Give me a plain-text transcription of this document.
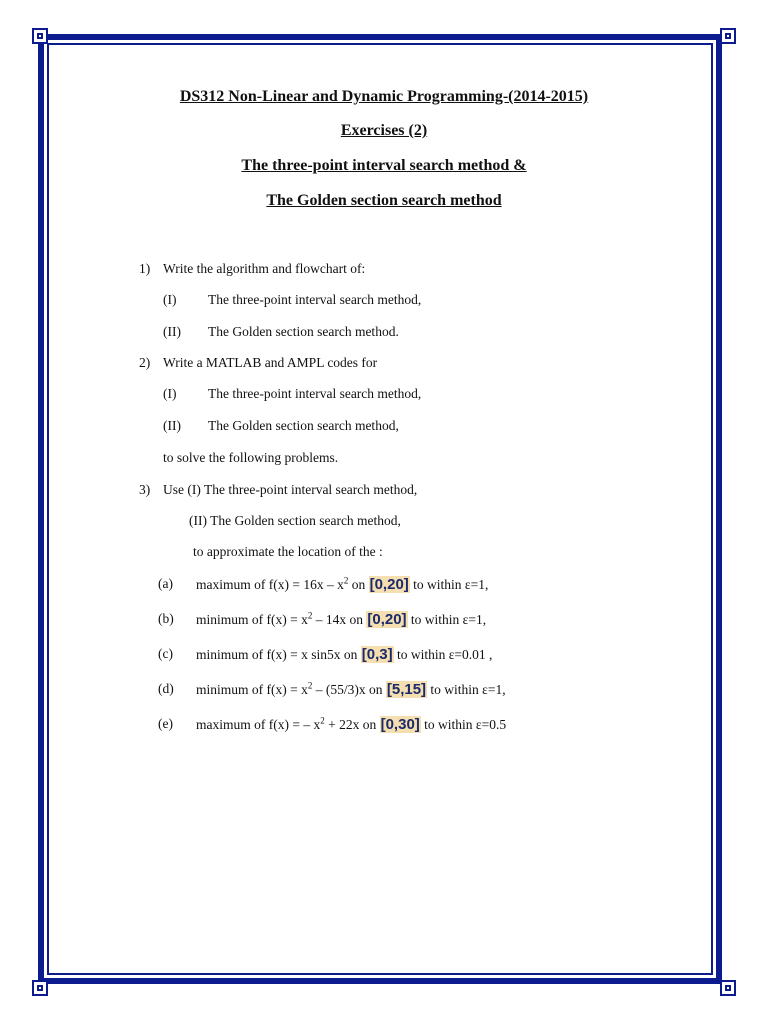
DS312 Non-Linear and Dynamic Programming-(2014-2015)
Exercises (2)
The three-point interval search method &
The Golden section search method
1) Write the algorithm and flowchart of:
(I) The three-point interval search method,
(II) The Golden section search method.
2) Write a MATLAB and AMPL codes for
(I) The three-point interval search method,
(II) The Golden section search method,
to solve the following problems.
3) Use (I) The three-point interval search method,
(II) The Golden section search method,
to approximate the location of the :
(a) maximum of $f(x) = 16x - x^2$ on [0,20] to within ε=1,
(b) minimum of $f(x) = x^2 - 14x$ on [0,20] to within ε=1,
(c) minimum of f(x) = x sin5x on [0,3] to within ε=0.01 ,
(d) minimum of $f(x) = x^2 - (55/3)x$ on [5,15] to within ε=1,
(e) maximum of f(x) = – $x^2 + 22x$ on [0,30] to within ε=0.5
